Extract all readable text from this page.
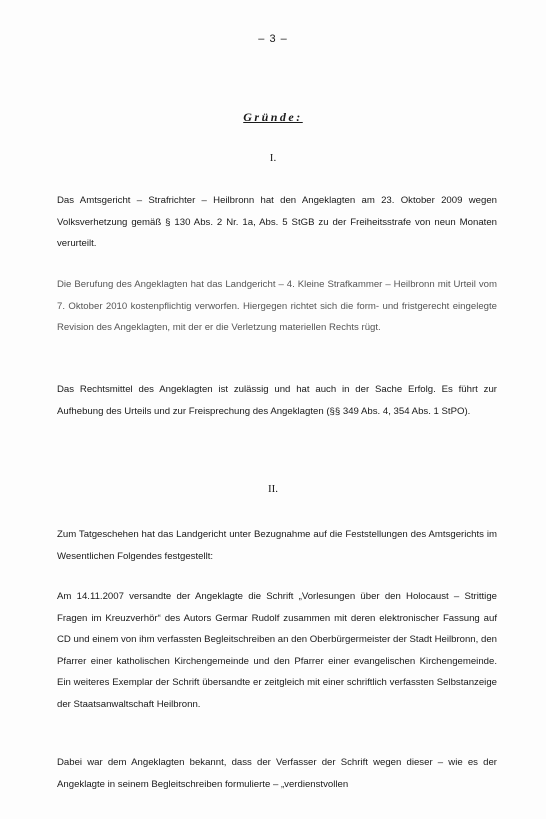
– 3 –
Gründe:
I.

Das Amtsgericht – Strafrichter – Heilbronn hat den Angeklagten am 23. Oktober 2009 wegen Volksverhetzung gemäß § 130 Abs. 2 Nr. 1a, Abs. 5 StGB zu der Freiheitsstrafe von neun Monaten verurteilt.

Die Berufung des Angeklagten hat das Landgericht – 4. Kleine Strafkammer – Heilbronn mit Urteil vom 7. Oktober 2010 kostenpflichtig verworfen. Hiergegen richtet sich die form- und fristgerecht eingelegte Revision des Angeklagten, mit der er die Verletzung materiellen Rechts rügt.

Das Rechtsmittel des Angeklagten ist zulässig und hat auch in der Sache Erfolg. Es führt zur Aufhebung des Urteils und zur Freisprechung des Angeklagten (§§ 349 Abs. 4, 354 Abs. 1 StPO).

II.

Zum Tatgeschehen hat das Landgericht unter Bezugnahme auf die Feststellungen des Amtsgerichts im Wesentlichen Folgendes festgestellt:

Am 14.11.2007 versandte der Angeklagte die Schrift „Vorlesungen über den Holocaust – Strittige Fragen im Kreuzverhör“ des Autors Germar Rudolf zusammen mit deren elektronischer Fassung auf CD und einem von ihm verfassten Begleitschreiben an den Oberbürgermeister der Stadt Heilbronn, den Pfarrer einer katholischen Kirchengemeinde und den Pfarrer einer evangelischen Kirchengemeinde. Ein weiteres Exemplar der Schrift übersandte er zeitgleich mit einer schriftlich verfassten Selbstanzeige der Staatsanwaltschaft Heilbronn.

Dabei war dem Angeklagten bekannt, dass der Verfasser der Schrift wegen dieser – wie es der Angeklagte in seinem Begleitschreiben formulierte – „verdienstvollen
